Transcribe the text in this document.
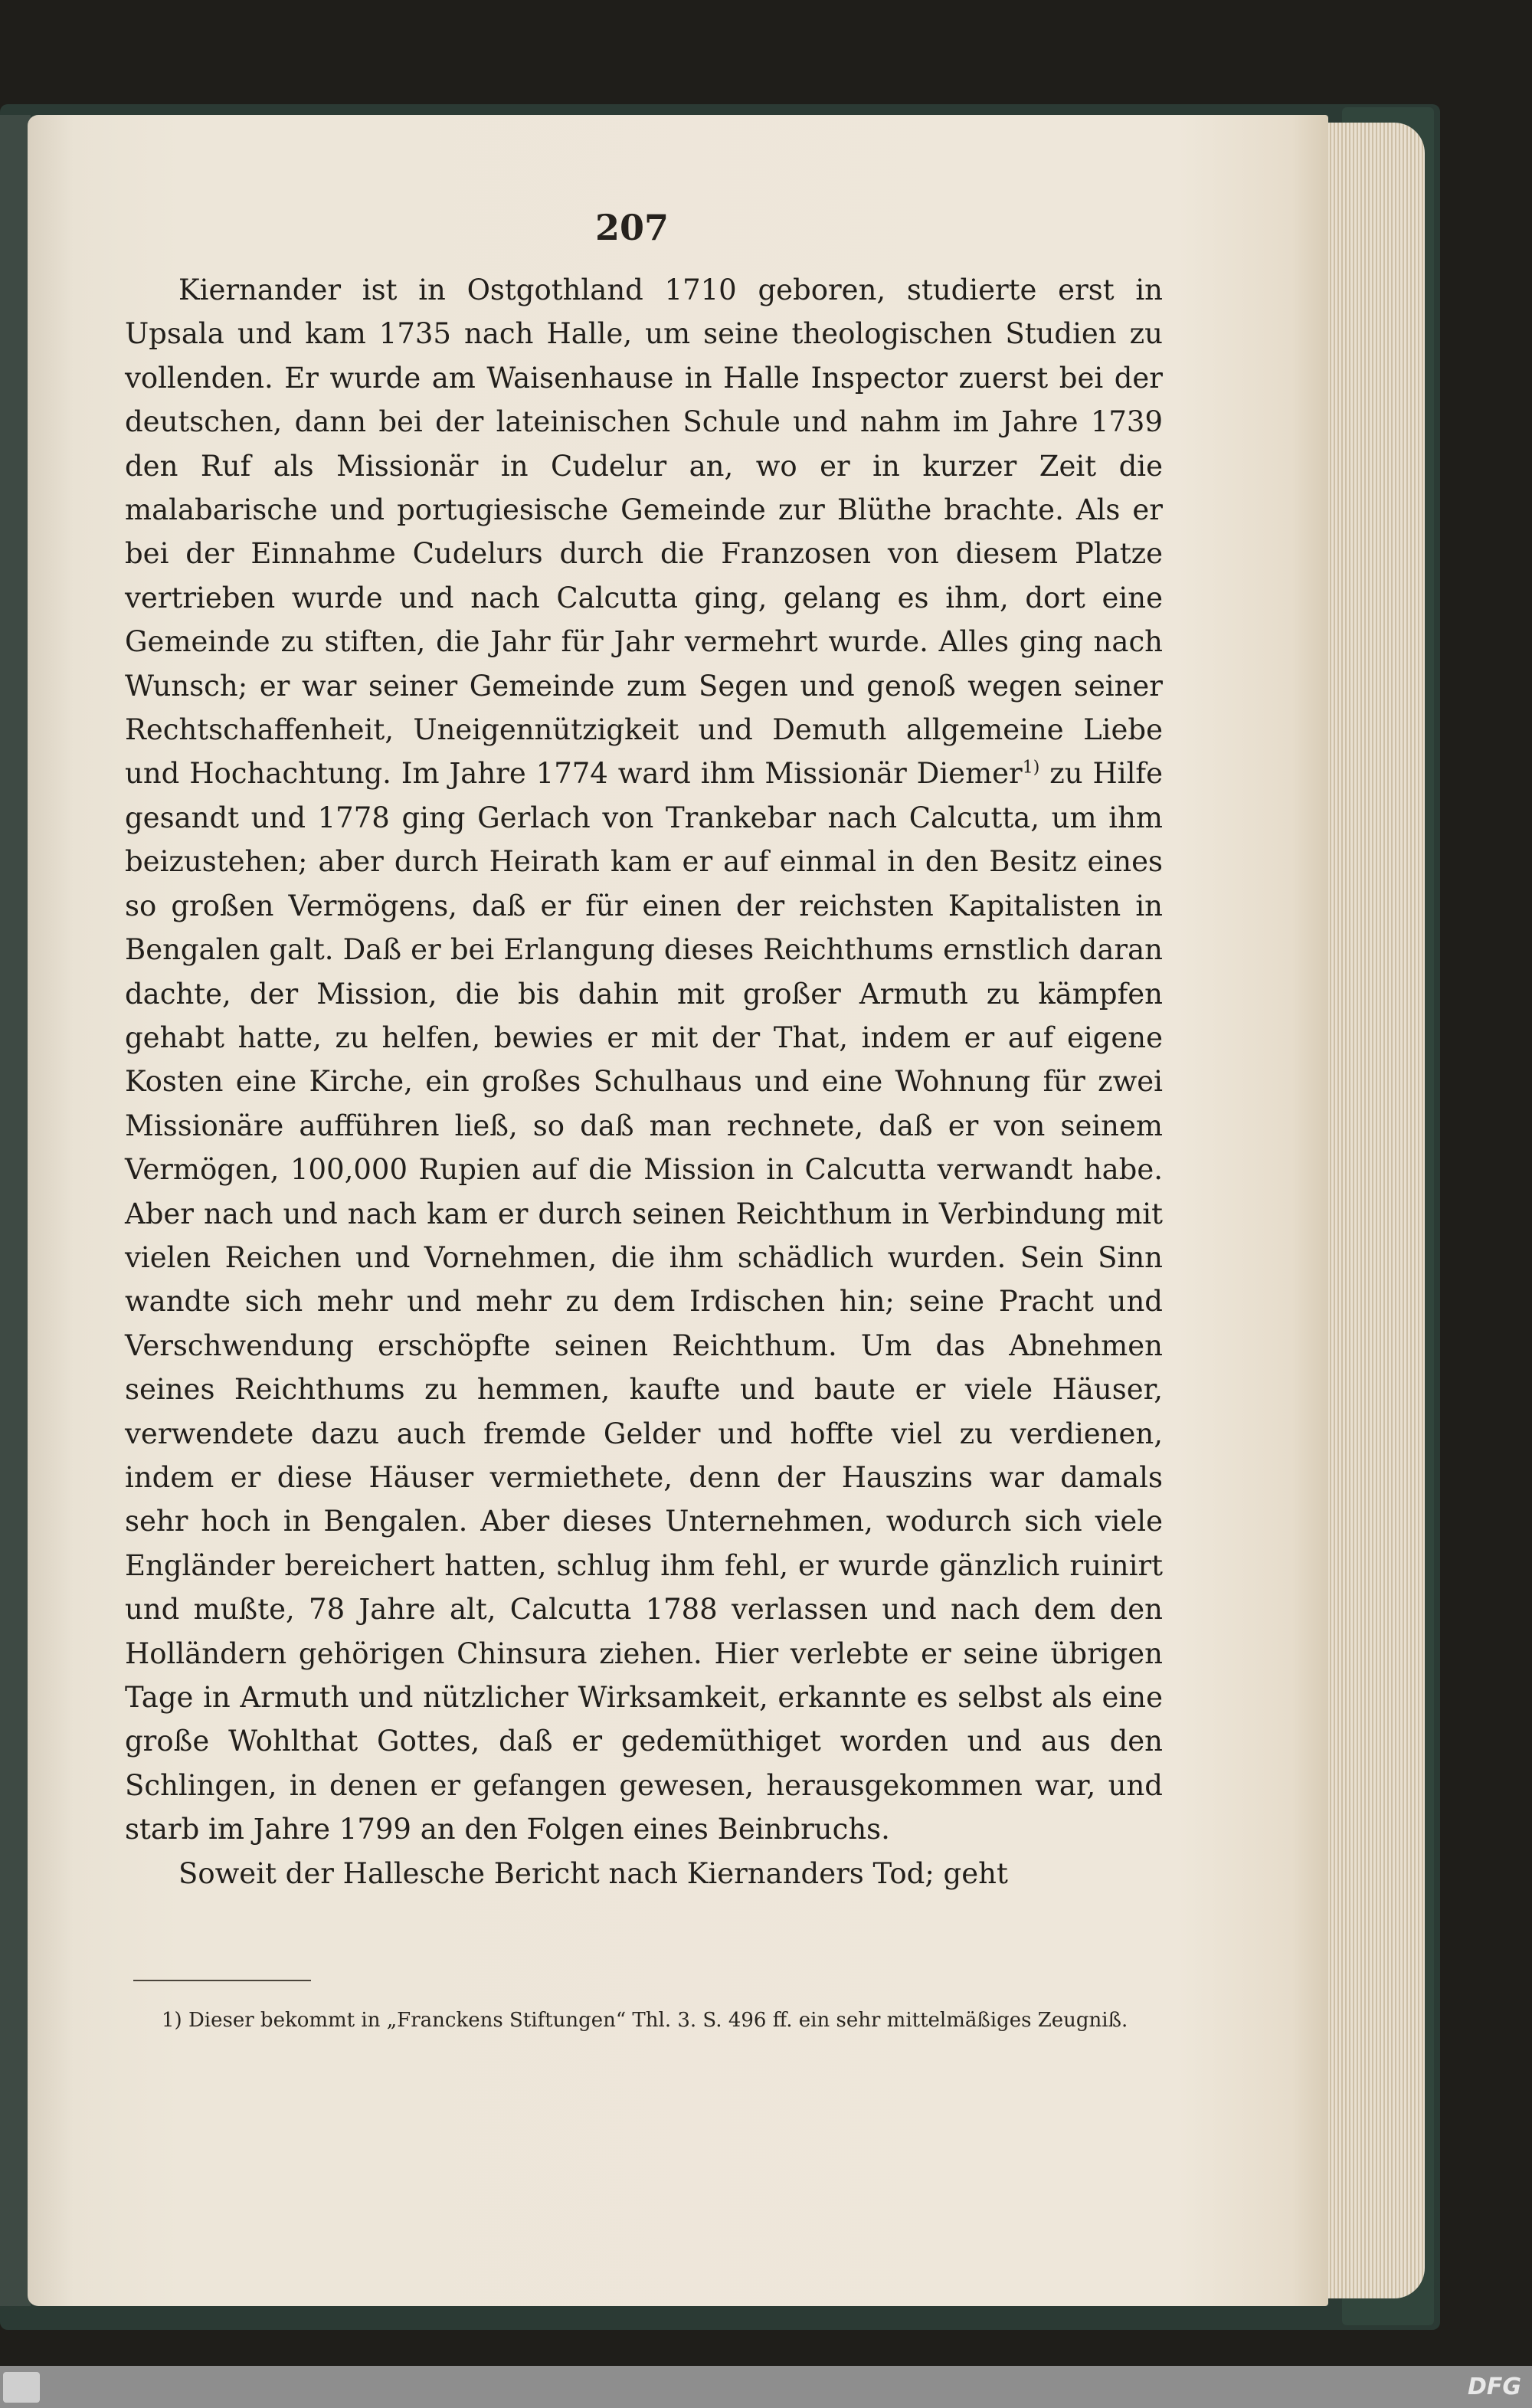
207

Kiernander ist in Ostgothland 1710 geboren, studierte erst in Upsala und kam 1735 nach Halle, um seine theologischen Studien zu vollenden. Er wurde am Waisenhause in Halle Inspector zuerst bei der deutschen, dann bei der lateinischen Schule und nahm im Jahre 1739 den Ruf als Missionär in Cudelur an, wo er in kurzer Zeit die malabarische und portugiesische Gemeinde zur Blüthe brachte. Als er bei der Einnahme Cudelurs durch die Franzosen von diesem Platze vertrieben wurde und nach Calcutta ging, gelang es ihm, dort eine Gemeinde zu stiften, die Jahr für Jahr vermehrt wurde. Alles ging nach Wunsch; er war seiner Gemeinde zum Segen und genoß wegen seiner Rechtschaffenheit, Uneigennützigkeit und Demuth allgemeine Liebe und Hochachtung. Im Jahre 1774 ward ihm Missionär Diemer$^{1)}$ zu Hilfe gesandt und 1778 ging Gerlach von Trankebar nach Calcutta, um ihm beizustehen; aber durch Heirath kam er auf einmal in den Besitz eines so großen Vermögens, daß er für einen der reichsten Kapitalisten in Bengalen galt. Daß er bei Erlangung dieses Reichthums ernstlich daran dachte, der Mission, die bis dahin mit großer Armuth zu kämpfen gehabt hatte, zu helfen, bewies er mit der That, indem er auf eigene Kosten eine Kirche, ein großes Schulhaus und eine Wohnung für zwei Missionäre aufführen ließ, so daß man rechnete, daß er von seinem Vermögen, 100,000 Rupien auf die Mission in Calcutta verwandt habe. Aber nach und nach kam er durch seinen Reichthum in Verbindung mit vielen Reichen und Vornehmen, die ihm schädlich wurden. Sein Sinn wandte sich mehr und mehr zu dem Irdischen hin; seine Pracht und Verschwendung erschöpfte seinen Reichthum. Um das Abnehmen seines Reichthums zu hemmen, kaufte und baute er viele Häuser, verwendete dazu auch fremde Gelder und hoffte viel zu verdienen, indem er diese Häuser vermiethete, denn der Hauszins war damals sehr hoch in Bengalen. Aber dieses Unternehmen, wodurch sich viele Engländer bereichert hatten, schlug ihm fehl, er wurde gänzlich ruinirt und mußte, 78 Jahre alt, Calcutta 1788 verlassen und nach dem den Holländern gehörigen Chinsura ziehen. Hier verlebte er seine übrigen Tage in Armuth und nützlicher Wirksamkeit, erkannte es selbst als eine große Wohlthat Gottes, daß er gedemüthiget worden und aus den Schlingen, in denen er gefangen gewesen, herausgekommen war, und starb im Jahre 1799 an den Folgen eines Beinbruchs.

Soweit der Hallesche Bericht nach Kiernanders Tod; geht

1) Dieser bekommt in „Franckens Stiftungen“ Thl. 3. S. 496 ff. ein sehr mittelmäßiges Zeugniß.

DFG
